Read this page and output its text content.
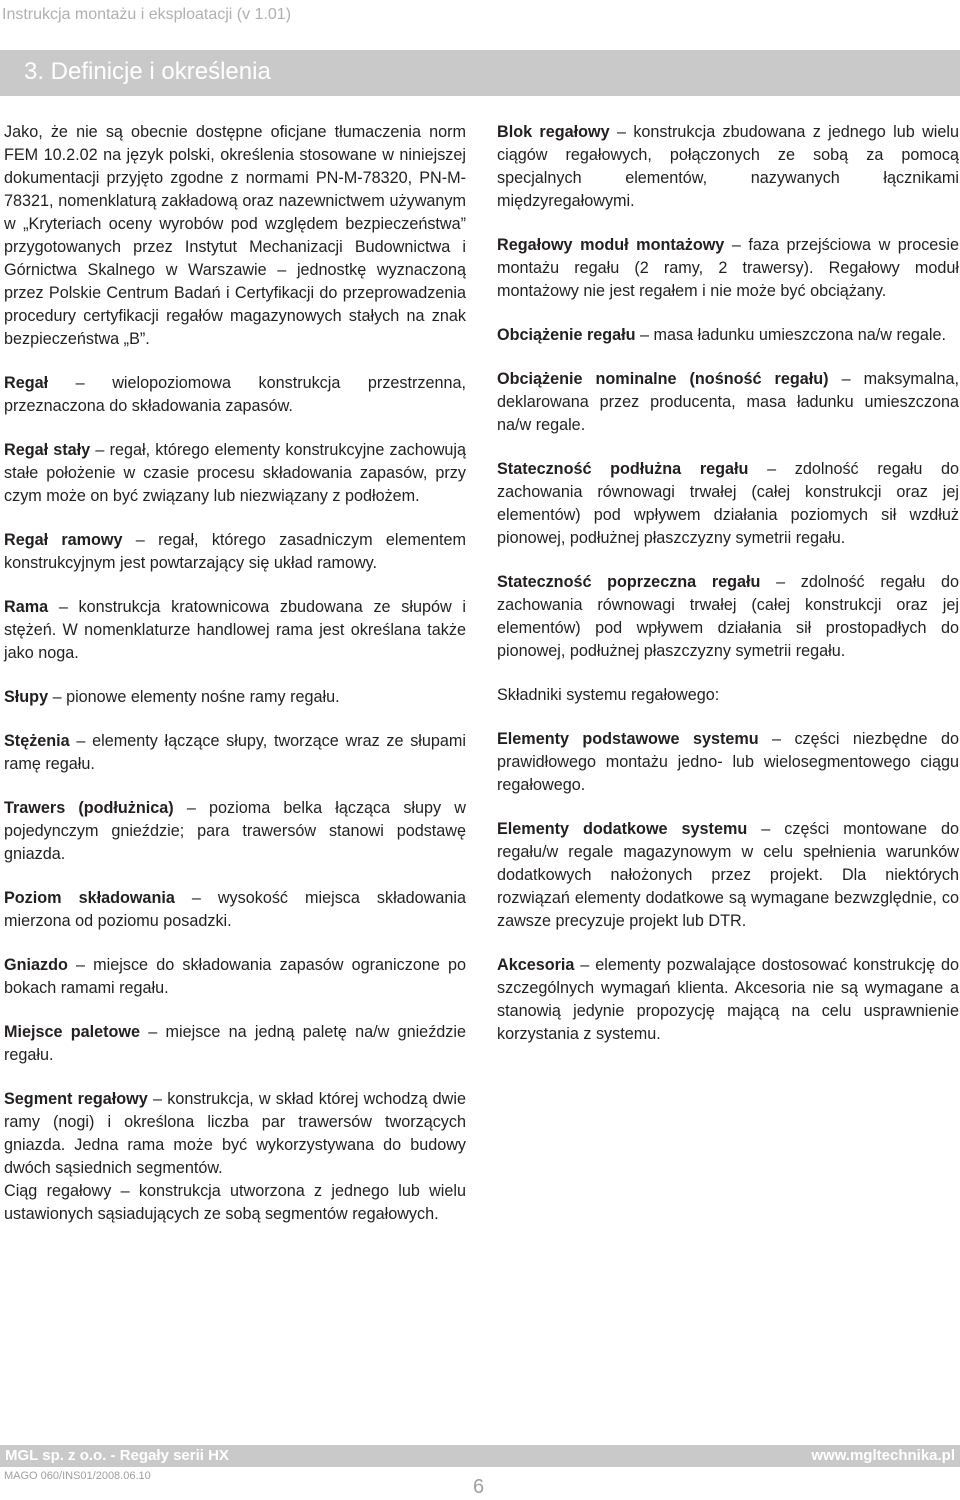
Instrukcja montażu i eksploatacji (v 1.01)
3. Definicje i określenia

Jako, że nie są obecnie dostępne oficjane tłumaczenia norm FEM 10.2.02 na język polski, określenia stosowane w niniejszej dokumentacji przyjęto zgodne z normami PN-M-78320, PN-M-78321, nomenklaturą zakładową oraz nazewnictwem używanym w „Kryteriach oceny wyrobów pod względem bezpieczeństwa” przygotowanych przez Instytut Mechanizacji Budownictwa i Górnictwa Skalnego w Warszawie – jednostkę wyznaczoną przez Polskie Centrum Badań i Certyfikacji do przeprowadzenia procedury certyfikacji regałów magazynowych stałych na znak bezpieczeństwa „B”.

Regał – wielopoziomowa konstrukcja przestrzenna, przeznaczona do składowania zapasów.

Regał stały – regał, którego elementy konstrukcyjne zachowują stałe położenie w czasie procesu składowania zapasów, przy czym może on być związany lub niezwiązany z podłożem.

Regał ramowy – regał, którego zasadniczym elementem konstrukcyjnym jest powtarzający się układ ramowy.

Rama – konstrukcja kratownicowa zbudowana ze słupów i stężeń. W nomenklaturze handlowej rama jest określana także jako noga.

Słupy – pionowe elementy nośne ramy regału.

Stężenia – elementy łączące słupy, tworzące wraz ze słupami ramę regału.

Trawers (podłużnica) – pozioma belka łącząca słupy w pojedynczym gnieździe; para trawersów stanowi podstawę gniazda.

Poziom składowania – wysokość miejsca składowania mierzona od poziomu posadzki.

Gniazdo – miejsce do składowania zapasów ograniczone po bokach ramami regału.

Miejsce paletowe – miejsce na jedną paletę na/w gnieździe regału.

Segment regałowy – konstrukcja, w skład której wchodzą dwie ramy (nogi) i określona liczba par trawersów tworzących gniazda. Jedna rama może być wykorzystywana do budowy dwóch sąsiednich segmentów.

Ciąg regałowy – konstrukcja utworzona z jednego lub wielu ustawionych sąsiadujących ze sobą segmentów regałowych.

Blok regałowy – konstrukcja zbudowana z jednego lub wielu ciągów regałowych, połączonych ze sobą za pomocą specjalnych elementów, nazywanych łącznikami międzyregałowymi.

Regałowy moduł montażowy – faza przejściowa w procesie montażu regału (2 ramy, 2 trawersy). Regałowy moduł montażowy nie jest regałem i nie może być obciążany.

Obciążenie regału – masa ładunku umieszczona na/w regale.

Obciążenie nominalne (nośność regału) – maksymalna, deklarowana przez producenta, masa ładunku umieszczona na/w regale.

Stateczność podłużna regału – zdolność regału do zachowania równowagi trwałej (całej konstrukcji oraz jej elementów) pod wpływem działania poziomych sił wzdłuż pionowej, podłużnej płaszczyzny symetrii regału.

Stateczność poprzeczna regału – zdolność regału do zachowania równowagi trwałej (całej konstrukcji oraz jej elementów) pod wpływem działania sił prostopadłych do pionowej, podłużnej płaszczyzny symetrii regału.

Składniki systemu regałowego:

Elementy podstawowe systemu – części niezbędne do prawidłowego montażu jedno- lub wielosegmentowego ciągu regałowego.

Elementy dodatkowe systemu – części montowane do regału/w regale magazynowym w celu spełnienia warunków dodatkowych nałożonych przez projekt. Dla niektórych rozwiązań elementy dodatkowe są wymagane bezwzględnie, co zawsze precyzuje projekt lub DTR.

Akcesoria – elementy pozwalające dostosować konstrukcję do szczególnych wymagań klienta. Akcesoria nie są wymagane a stanowią jedynie propozycję mającą na celu usprawnienie korzystania z systemu.

MGL sp. z o.o. - Regały serii HX	www.mgltechnika.pl
MAGO 060/INS01/2008.06.10	6
